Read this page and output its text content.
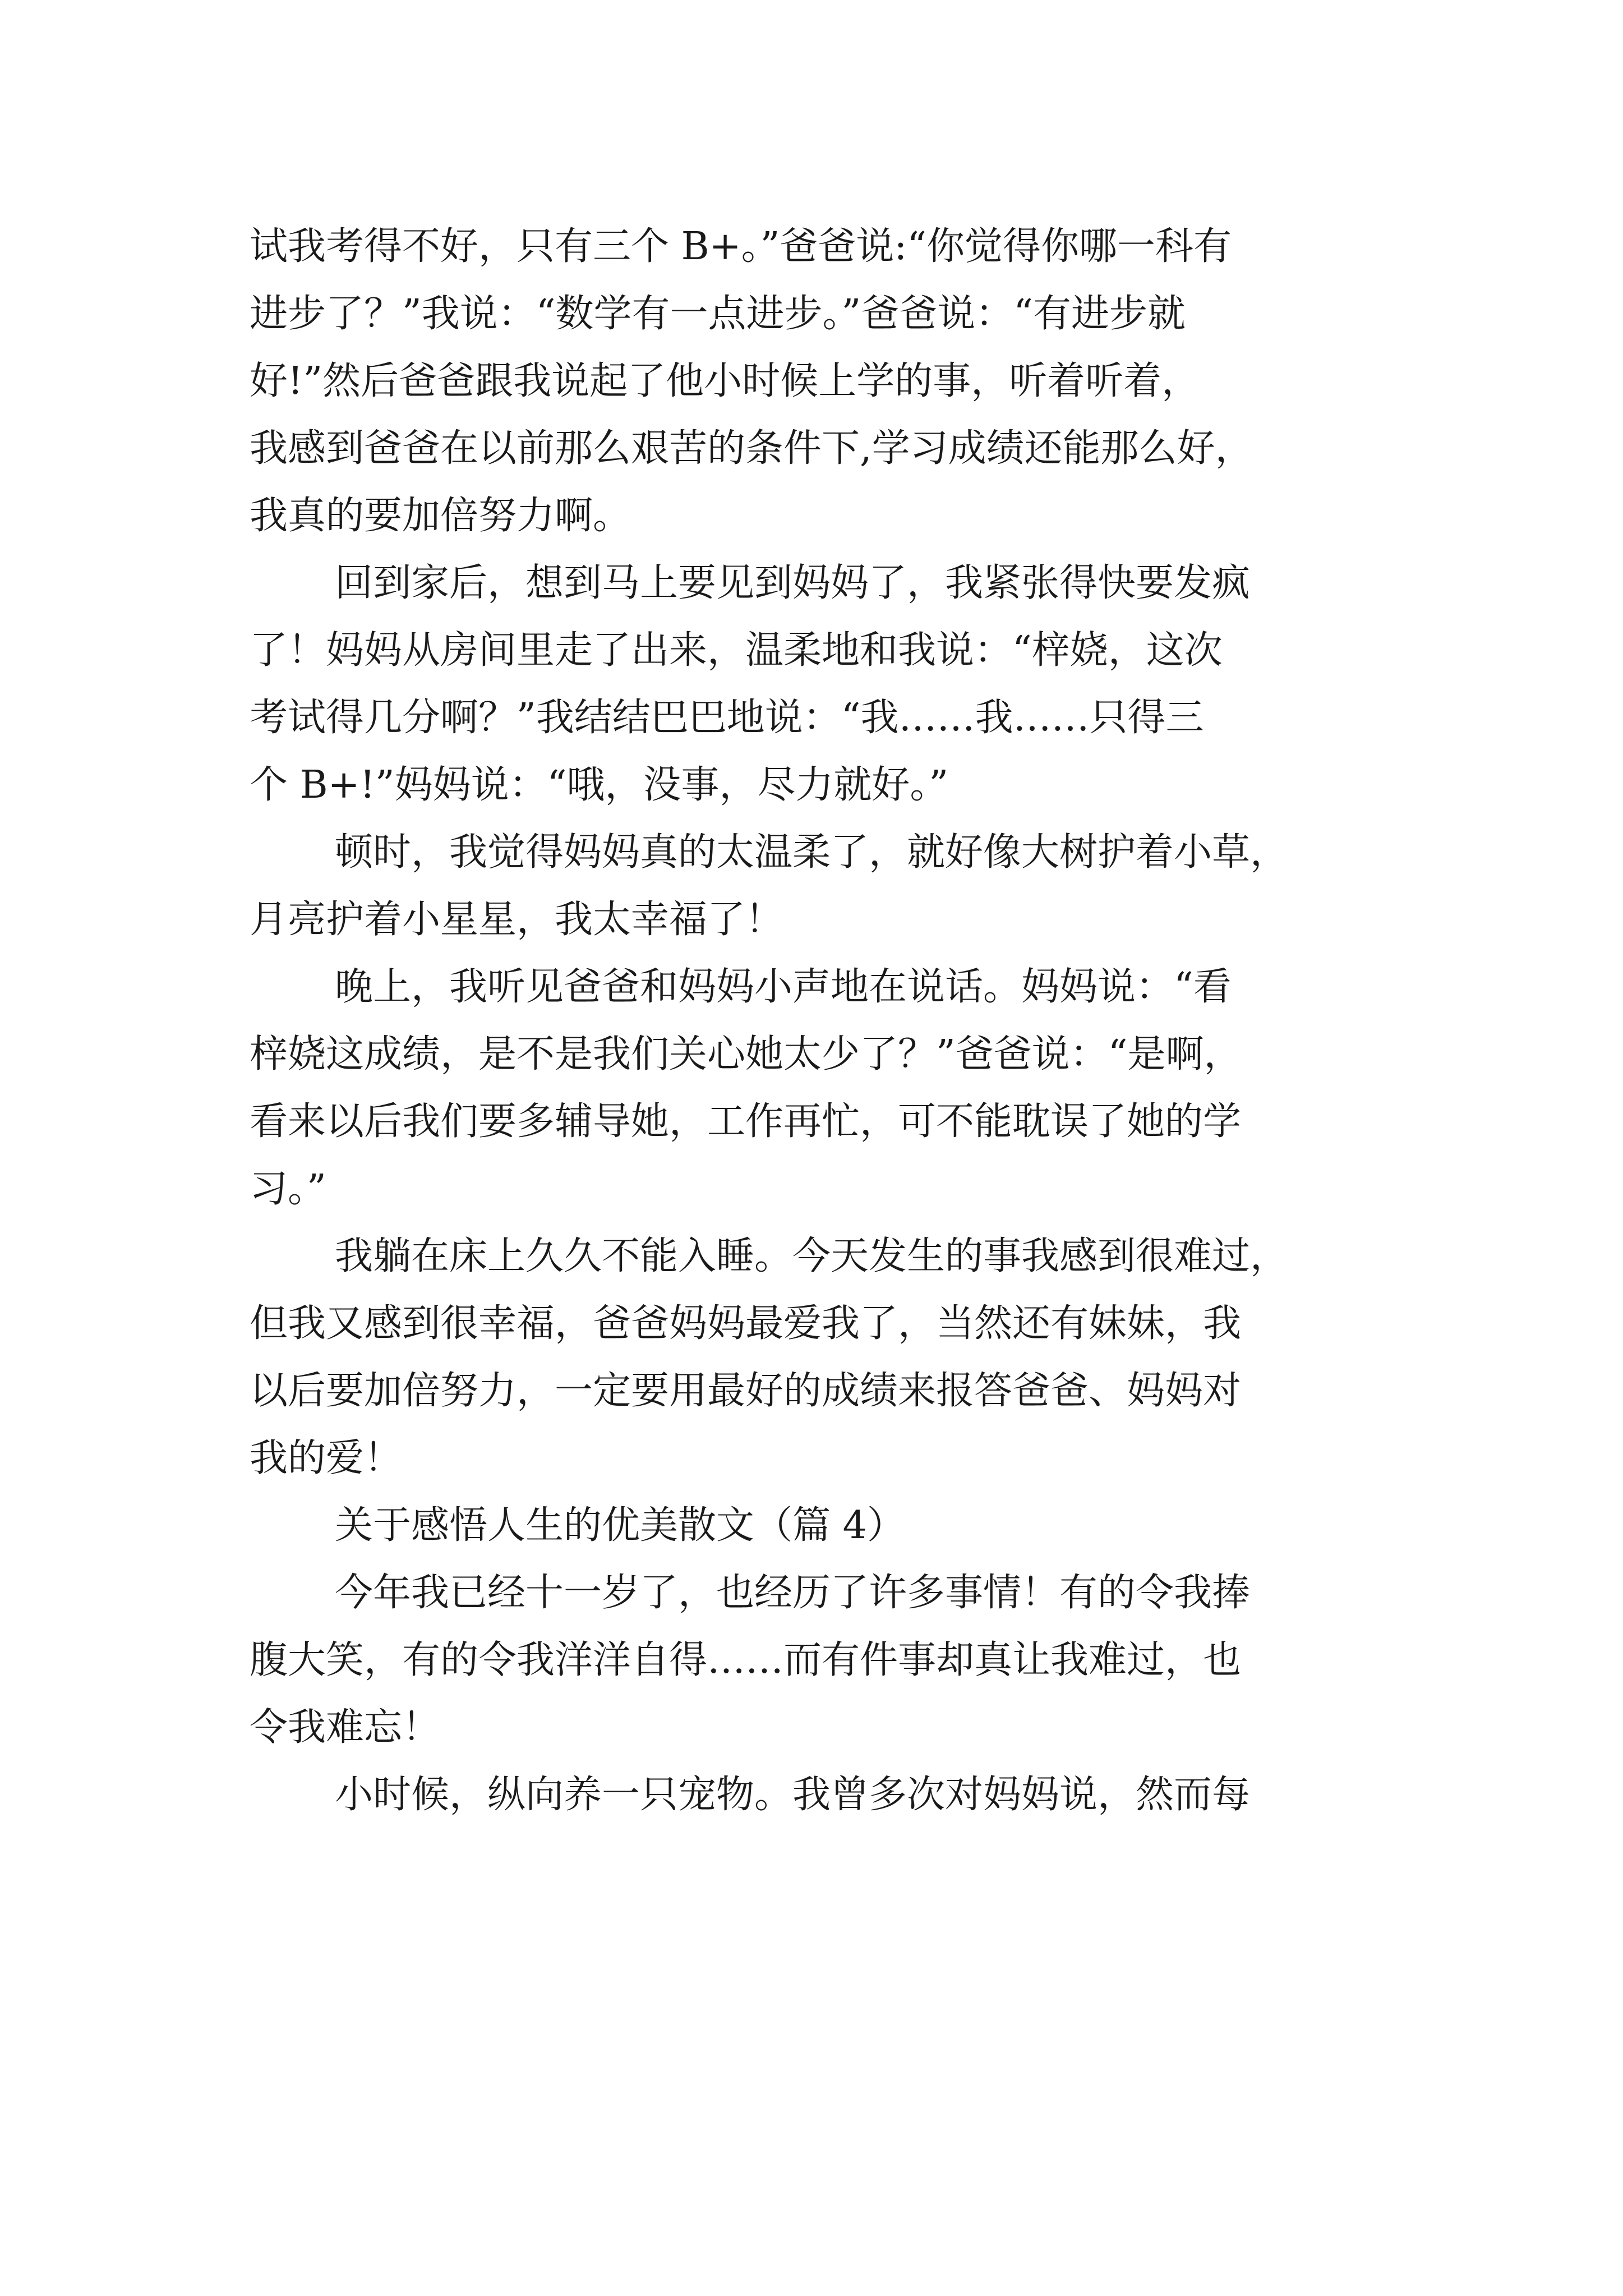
试我考得不好，只有三个 B+。”爸爸说:“你觉得你哪一科有
进步了？”我说：“数学有一点进步。”爸爸说：“有进步就
好!”然后爸爸跟我说起了他小时候上学的事，听着听着，
我感到爸爸在以前那么艰苦的条件下,学习成绩还能那么好，
我真的要加倍努力啊。
回到家后，想到马上要见到妈妈了，我紧张得快要发疯
了！妈妈从房间里走了出来，温柔地和我说：“梓娆，这次
考试得几分啊？”我结结巴巴地说：“我……我……只得三
个 B+!”妈妈说：“哦，没事，尽力就好。”
顿时，我觉得妈妈真的太温柔了，就好像大树护着小草，
月亮护着小星星，我太幸福了！
晚上，我听见爸爸和妈妈小声地在说话。妈妈说：“看
梓娆这成绩，是不是我们关心她太少了？”爸爸说：“是啊，
看来以后我们要多辅导她，工作再忙，可不能耽误了她的学
习。”
我躺在床上久久不能入睡。今天发生的事我感到很难过，
但我又感到很幸福，爸爸妈妈最爱我了，当然还有妹妹，我
以后要加倍努力，一定要用最好的成绩来报答爸爸、妈妈对
我的爱！
关于感悟人生的优美散文（篇 4）
今年我已经十一岁了，也经历了许多事情！有的令我捧
腹大笑，有的令我洋洋自得……而有件事却真让我难过，也
令我难忘！
小时候，纵向养一只宠物。我曾多次对妈妈说，然而每
